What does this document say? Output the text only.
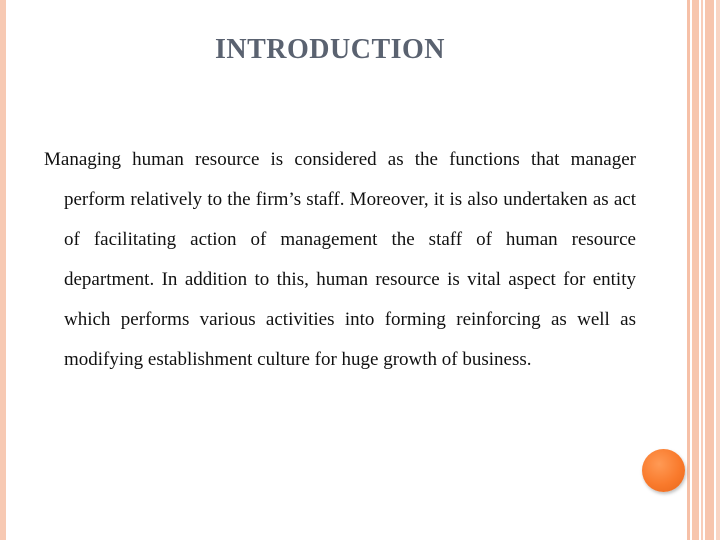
INTRODUCTION

Managing human resource is considered as the functions that manager perform relatively to the firm’s staff. Moreover, it is also undertaken as act of facilitating action of management the staff of human resource department. In addition to this, human resource is vital aspect for entity which performs various activities into forming reinforcing as well as modifying establishment culture for huge growth of business.
